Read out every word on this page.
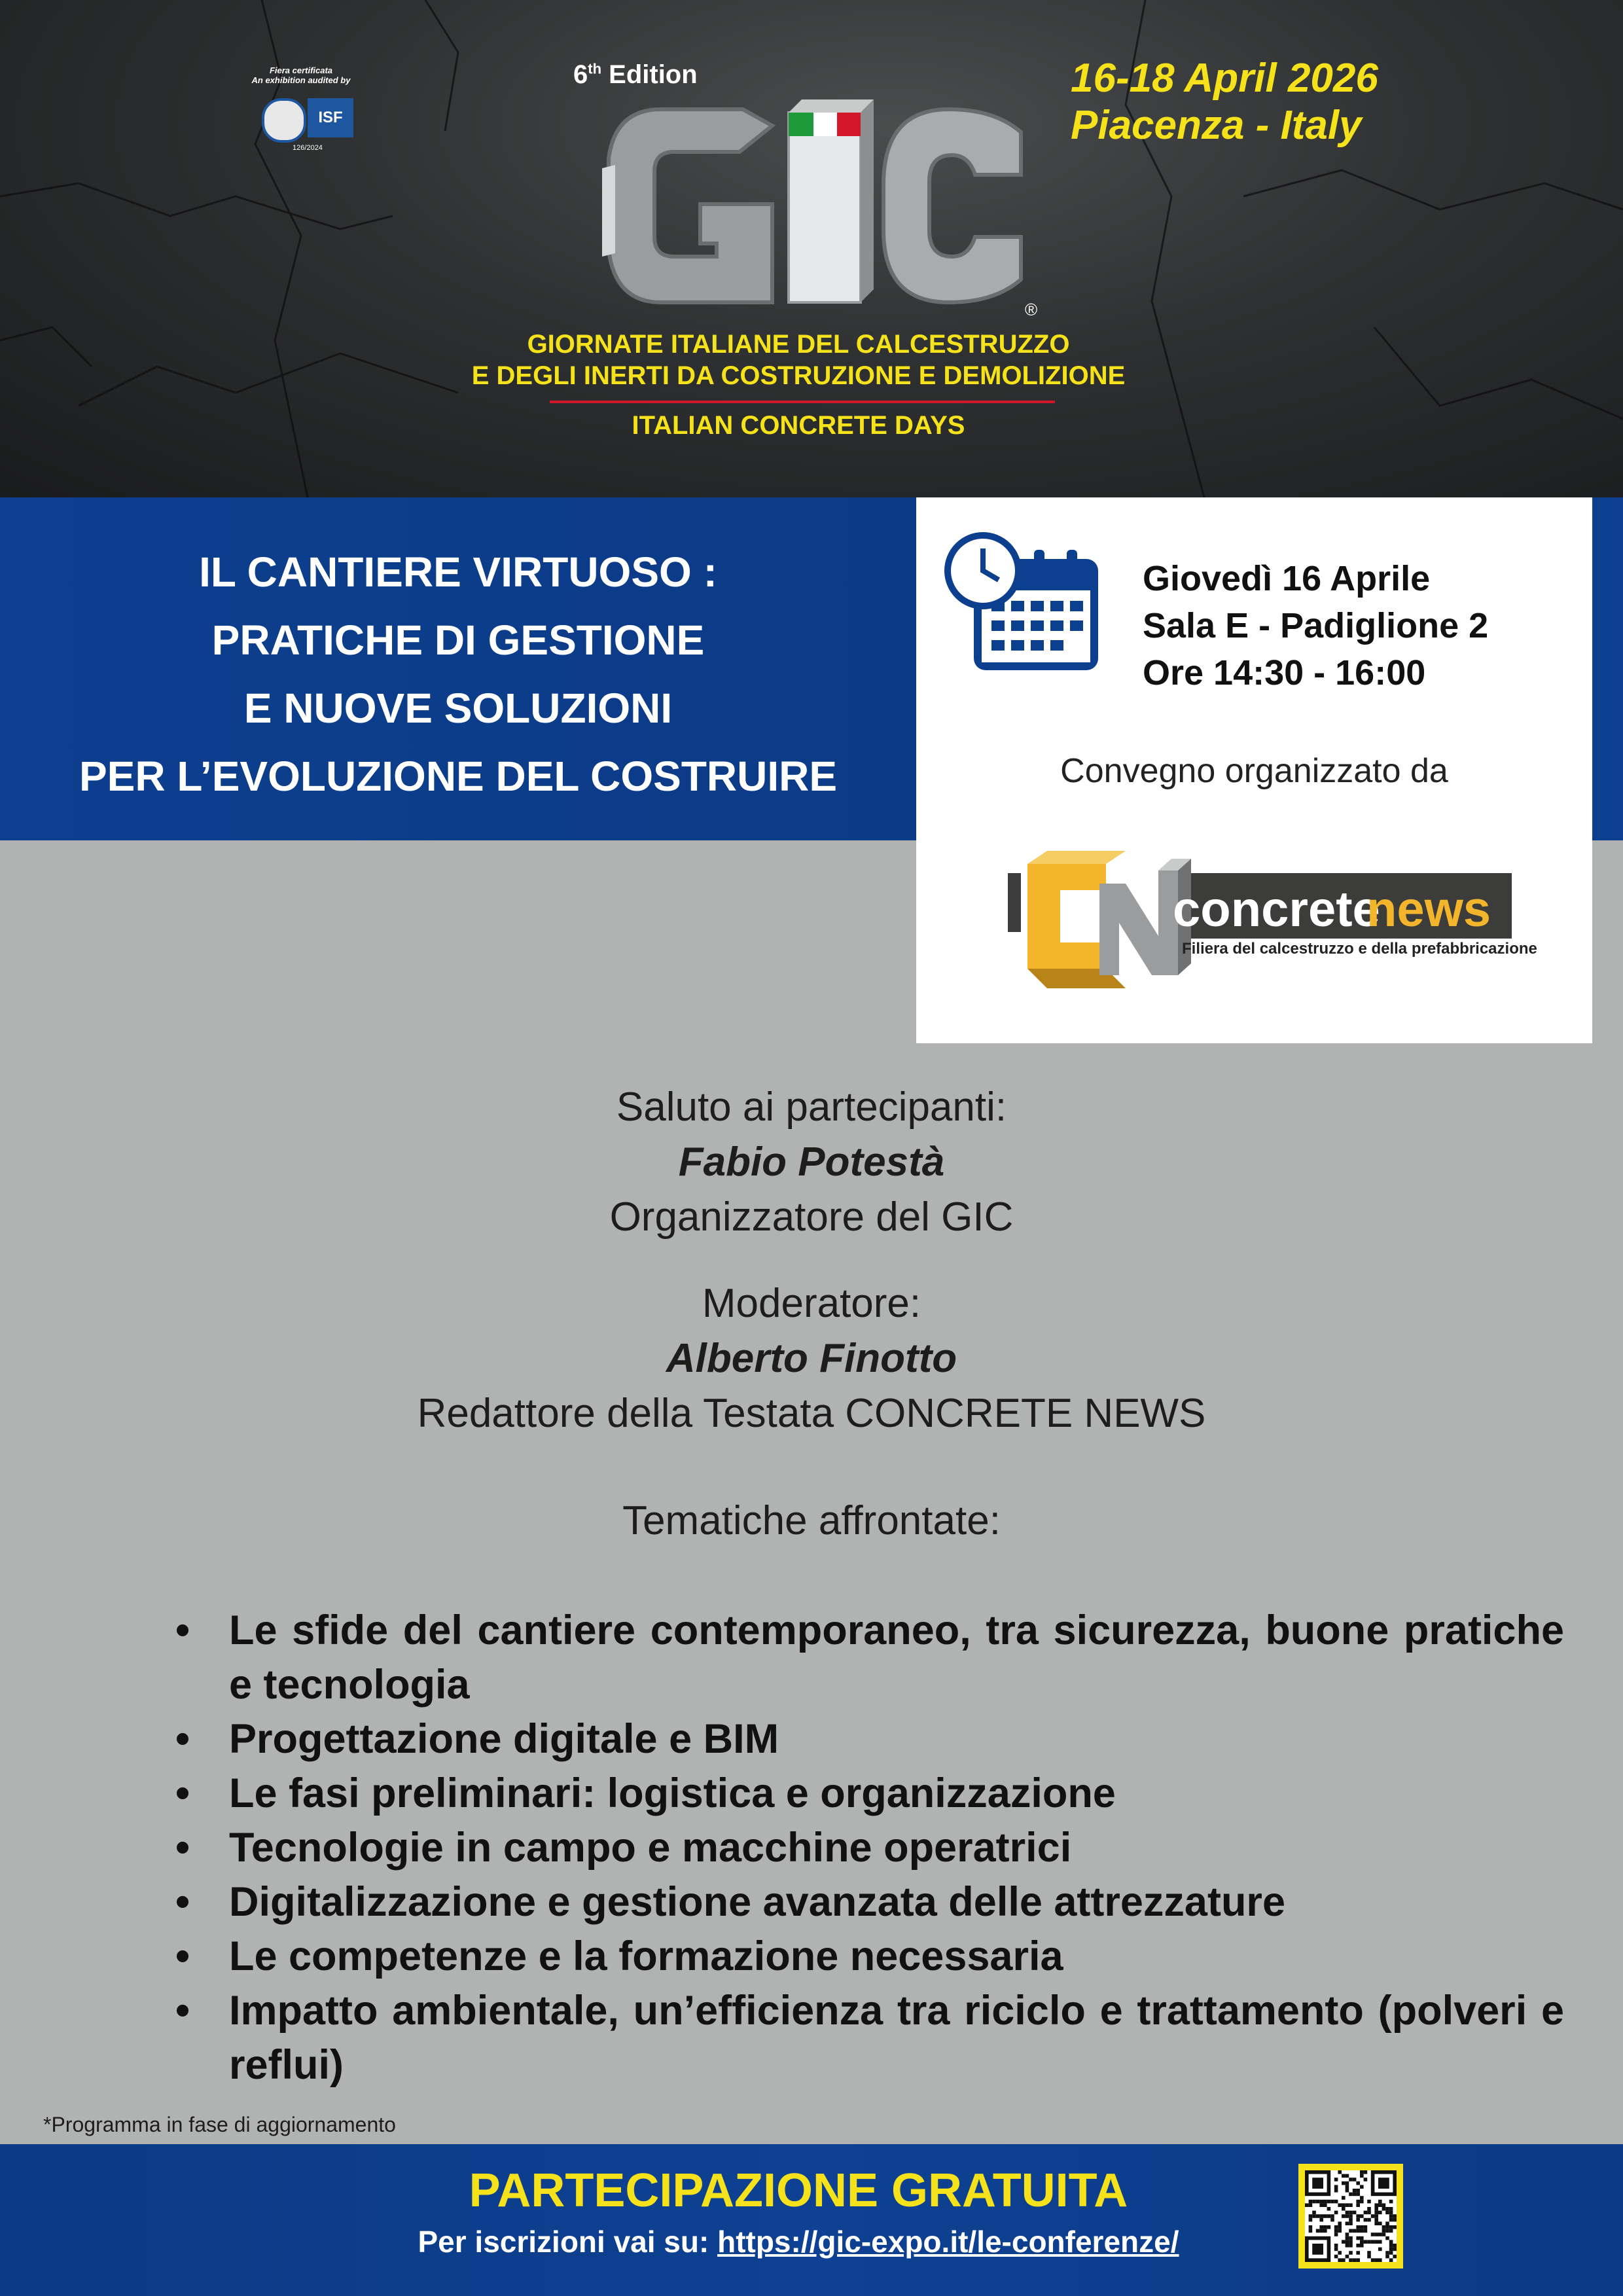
Fiera certificata
An exhibition audited by
ISF
126/2024
6th Edition
®
16-18 April 2026
Piacenza - Italy
GIORNATE ITALIANE DEL CALCESTRUZZO
E DEGLI INERTI DA COSTRUZIONE E DEMOLIZIONE
ITALIAN CONCRETE DAYS
IL CANTIERE VIRTUOSO :
PRATICHE DI GESTIONE
E NUOVE SOLUZIONI
PER L’EVOLUZIONE DEL COSTRUIRE
Giovedì 16 Aprile
Sala E - Padiglione 2
Ore 14:30 - 16:00
Convegno organizzato da
concrete
news
Filiera del calcestruzzo e della prefabbricazione
Saluto ai partecipanti:
Fabio Potestà
Organizzatore del GIC
Moderatore:
Alberto Finotto
Redattore della Testata CONCRETE NEWS
Tematiche affrontate:
• Le sfide del cantiere contemporaneo, tra sicurezza, buone pratiche e tecnologia
• Progettazione digitale e BIM
• Le fasi preliminari: logistica e organizzazione
• Tecnologie in campo e macchine operatrici
• Digitalizzazione e gestione avanzata delle attrezzature
• Le competenze e la formazione necessaria
• Impatto ambientale, un’efficienza tra riciclo e trattamento (polveri e reflui)
*Programma in fase di aggiornamento
PARTECIPAZIONE GRATUITA
Per iscrizioni vai su: https://gic-expo.it/le-conferenze/
